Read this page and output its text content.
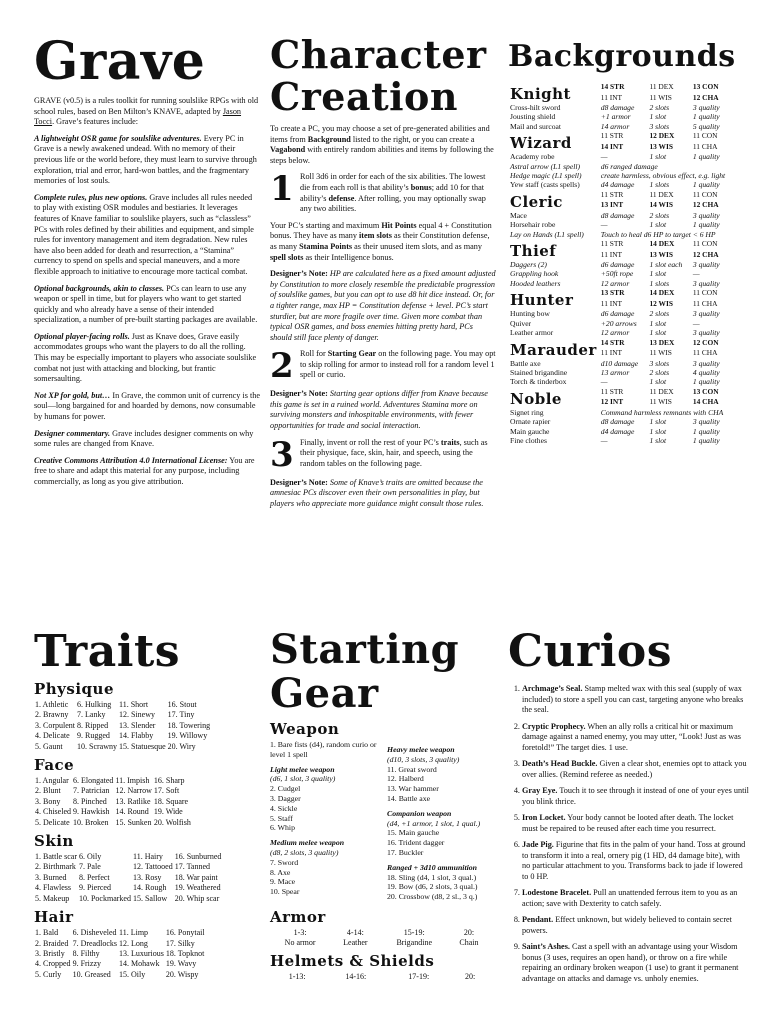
Grave

GRAVE (v0.5) is a rules toolkit for running soulslike RPGs with old school rules, based on Ben Milton’s KNAVE, adapted by Jason Tocci. Grave’s features include:

A lightweight OSR game for soulslike adventures. Every PC in Grave is a newly awakened undead. With no memory of their previous life or the world before, they must learn to survive through exploration, trial and error, hard-won battles, and the fragmentary memories of lost souls.

Complete rules, plus new options. Grave includes all rules needed to play with existing OSR modules and bestiaries. It leverages features of Knave familiar to soulslike players, such as “classless” PCs with roles defined by their abilities and equipment, and simple rules for inventory management and item degradation. New rules have also been added for death and resurrection, a “Stamina” currency to spend on spells and special maneuvers, and a more flexible approach to initiative to encourage more tactical combat.

Optional backgrounds, akin to classes. PCs can learn to use any weapon or spell in time, but for players who want to get started quickly and who already have a sense of their intended specialization, a number of pre-built starting packages are available.

Optional player-facing rolls. Just as Knave does, Grave easily accommodates groups who want the players to do all the rolling. This may be especially important to players who associate soulslike combat not just with attacking and blocking, but frantic somersaulting.

Not XP for gold, but… In Grave, the common unit of currency is the soul—long bargained for and hoarded by demons, now consumable by humans for power.

Designer commentary. Grave includes designer comments on why some rules are changed from Knave.

Creative Commons Attribution 4.0 International License: You are free to share and adapt this material for any purpose, including commercially, as long as you give attribution.

Character
Creation

To create a PC, you may choose a set of pre-generated abilities and items from Background listed to the right, or you can create a Vagabond with entirely random abilities and items by following the steps below.

1 Roll 3d6 in order for each of the six abilities. The lowest die from each roll is that ability’s bonus; add 10 for that ability’s defense. After rolling, you may optionally swap any two abilities.

Your PC’s starting and maximum Hit Points equal 4 + Constitution bonus. They have as many item slots as their Constitution defense, as many Stamina Points as their unused item slots, and as many spell slots as their Intelligence bonus.

Designer’s Note: HP are calculated here as a fixed amount adjusted by Constitution to more closely resemble the predictable progression of soulslike games, but you can opt to use d8 hit dice instead. Or, for a tighter range, max HP = Constitution defense + level. PC’s start sturdier, but are more fragile over time. Given more combat than typical OSR games, and boss enemies hitting pretty hard, PCs should still face plenty of danger.

2 Roll for Starting Gear on the following page. You may opt to skip rolling for armor to instead roll for a random level 1 spell or curio.

Designer’s Note: Starting gear options differ from Knave because this game is set in a ruined world. Adventures Stamina more on surviving monsters and inhospitable environments, with fewer opportunities for trade and social interaction.

3 Finally, invent or roll the rest of your PC’s traits, such as their physique, face, skin, hair, and speech, using the random tables on the following page.

Designer’s Note: Some of Knave’s traits are omitted because the amnesiac PCs discover even their own personalities in play, but players who appreciate more guidance might consult those rules.

Backgrounds
Knight	14 STR	11 DEX	13 CON
	11 INT	11 WIS	12 CHA
Cross-hilt sword	d8 damage	2 slots	3 quality
Jousting shield	+1 armor	1 slot	1 quality
Mail and surcoat	14 armor	3 slots	5 quality
Wizard	11 STR	12 DEX	11 CON
	14 INT	13 WIS	11 CHA
Academy robe	—	1 slot	1 quality
Astral arrow (L1 spell)	d6 ranged damage		
Hedge magic (L1 spell)	create harmless, obvious effect, e.g. light		
Yew staff (casts spells)	d4 damage	1 slots	1 quality
Cleric	11 STR	11 DEX	11 CON
	13 INT	14 WIS	12 CHA
Mace	d8 damage	2 slots	3 quality
Horsehair robe	—	1 slot	1 quality
Lay on Hands (L1 spell)	Touch to heal d6 HP to target < 6 HP		
Thief	11 STR	14 DEX	11 CON
	11 INT	13 WIS	12 CHA
Daggers (2)	d6 damage	1 slot each	3 quality
Grappling hook	+50ft rope	1 slot	—
Hooded leathers	12 armor	1 slots	3 quality
Hunter	13 STR	14 DEX	11 CON
	11 INT	12 WIS	11 CHA
Hunting bow	d6 damage	2 slots	3 quality
Quiver	+20 arrows	1 slot	—
Leather armor	12 armor	1 slot	3 quality
Marauder	14 STR	13 DEX	12 CON
	11 INT	11 WIS	11 CHA
Battle axe	d10 damage	3 slots	3 quality
Stained brigandine	13 armor	2 slots	4 quality
Torch & tinderbox	—	1 slot	1 quality
Noble	11 STR	11 DEX	13 CON
	12 INT	11 WIS	14 CHA
Signet ring	Command harmless remnants with CHA		
Ornate rapier	d8 damage	1 slot	3 quality
Main gauche	d4 damage	1 slot	1 quality
Fine clothes	—	1 slot	1 quality
Traits
Physique
1. Athletic	6. Hulking	11. Short	16. Stout
2. Brawny	7. Lanky	12. Sinewy	17. Tiny
3. Corpulent	8. Ripped	13. Slender	18. Towering
4. Delicate	9. Rugged	14. Flabby	19. Willowy
5. Gaunt	10. Scrawny	15. Statuesque	20. Wiry
Face
1. Angular	6. Elongated	11. Impish	16. Sharp
2. Blunt	7. Patrician	12. Narrow	17. Soft
3. Bony	8. Pinched	13. Ratlike	18. Square
4. Chiseled	9. Hawkish	14. Round	19. Wide
5. Delicate	10. Broken	15. Sunken	20. Wolfish
Skin
1. Battle scar	6. Oily	11. Hairy	16. Sunburned
2. Birthmark	7. Pale	12. Tattooed	17. Tanned
3. Burned	8. Perfect	13. Rosy	18. War paint
4. Flawless	9. Pierced	14. Rough	19. Weathered
5. Makeup	10. Pockmarked	15. Sallow	20. Whip scar
Hair
1. Bald	6. Disheveled	11. Limp	16. Ponytail
2. Braided	7. Dreadlocks	12. Long	17. Silky
3. Bristly	8. Filthy	13. Luxurious	18. Topknot
4. Cropped	9. Frizzy	14. Mohawk	19. Wavy
5. Curly	10. Greased	15. Oily	20. Wispy
Starting
Gear
Weapon
1. Bare fists (d4), random curio or level 1 spell
Light melee weapon
(d6, 1 slot, 3 quality)
2. Cudgel
3. Dagger
4. Sickle
5. Staff
6. Whip
Medium melee weapon
(d8, 2 slots, 3 quality)
7. Sword
8. Axe
9. Mace
10. Spear
Heavy melee weapon
(d10, 3 slots, 3 quality)
11. Great sword
12. Halberd
13. War hammer
14. Battle axe
Companion weapon
(d4, +1 armor, 1 slot, 1 qual.)
15. Main gauche
16. Trident dagger
17. Buckler
Ranged + 3d10 ammunition
18. Sling (d4, 1 slot, 3 qual.)
19. Bow (d6, 2 slots, 3 qual.)
20. Crossbow (d8, 2 sl., 3 q.)
Armor
1-3:	4-14:	15-19:	20:
No armor	Leather	Brigandine	Chain
Helmets & Shields
1-13:	14-16:	17-19:	20:
Curios
1. Archmage’s Seal. Stamp melted wax with this seal (supply of wax included) to store a spell you can cast, targeting anyone who breaks the seal.
2. Cryptic Prophecy. When an ally rolls a critical hit or maximum damage against a named enemy, you may utter, “Look! Just as was foretold!” The target dies. 1 use.
3. Death’s Head Buckle. Given a clear shot, enemies opt to attack you over allies. (Remind referee as needed.)
4. Gray Eye. Touch it to see through it instead of one of your eyes until you blink thrice.
5. Iron Locket. Your body cannot be looted after death. The locket must be repaired to be reused after each time you resurrect.
6. Jade Pig. Figurine that fits in the palm of your hand. Toss at ground to transform it into a real, ornery pig (1 HD, d4 damage bite), with no particular attachment to you. Transforms back to jade if lowered to 0 HP.
7. Lodestone Bracelet. Pull an unattended ferrous item to you as an action; save with Dexterity to catch safely.
8. Pendant. Effect unknown, but widely believed to contain secret powers.
9. Saint’s Ashes. Cast a spell with an advantage using your Wisdom bonus (3 uses, requires an open hand), or throw on a fire while repairing an ordinary broken weapon (1 use) to grant it permanent advantage on attacks and damage vs. unholy enemies.
